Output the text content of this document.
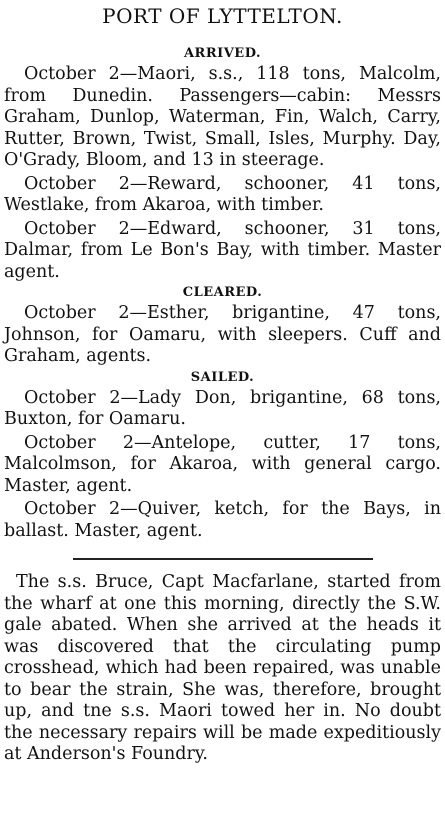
PORT OF LYTTELTON.
ARRIVED.

October 2—Maori, s.s., 118 tons, Malcolm, from Dunedin. Passengers—cabin: Messrs Graham, Dunlop, Waterman, Fin, Walch, Carry, Rutter, Brown, Twist, Small, Isles, Murphy. Day, O'Grady, Bloom, and 13 in steerage.

October 2—Reward, schooner, 41 tons, Westlake, from Akaroa, with timber.

October 2—Edward, schooner, 31 tons, Dalmar, from Le Bon's Bay, with timber. Master agent.

CLEARED.

October 2—Esther, brigantine, 47 tons, Johnson, for Oamaru, with sleepers. Cuff and Graham, agents.

SAILED.

October 2—Lady Don, brigantine, 68 tons, Buxton, for Oamaru.

October 2—Antelope, cutter, 17 tons, Malcolmson, for Akaroa, with general cargo. Master, agent.

October 2—Quiver, ketch, for the Bays, in ballast. Master, agent.

The s.s. Bruce, Capt Macfarlane, started from the wharf at one this morning, directly the S.W. gale abated. When she arrived at the heads it was discovered that the circulating pump crosshead, which had been repaired, was unable to bear the strain, She was, therefore, brought up, and tne s.s. Maori towed her in. No doubt the necessary repairs will be made expeditiously at Anderson's Foundry.
